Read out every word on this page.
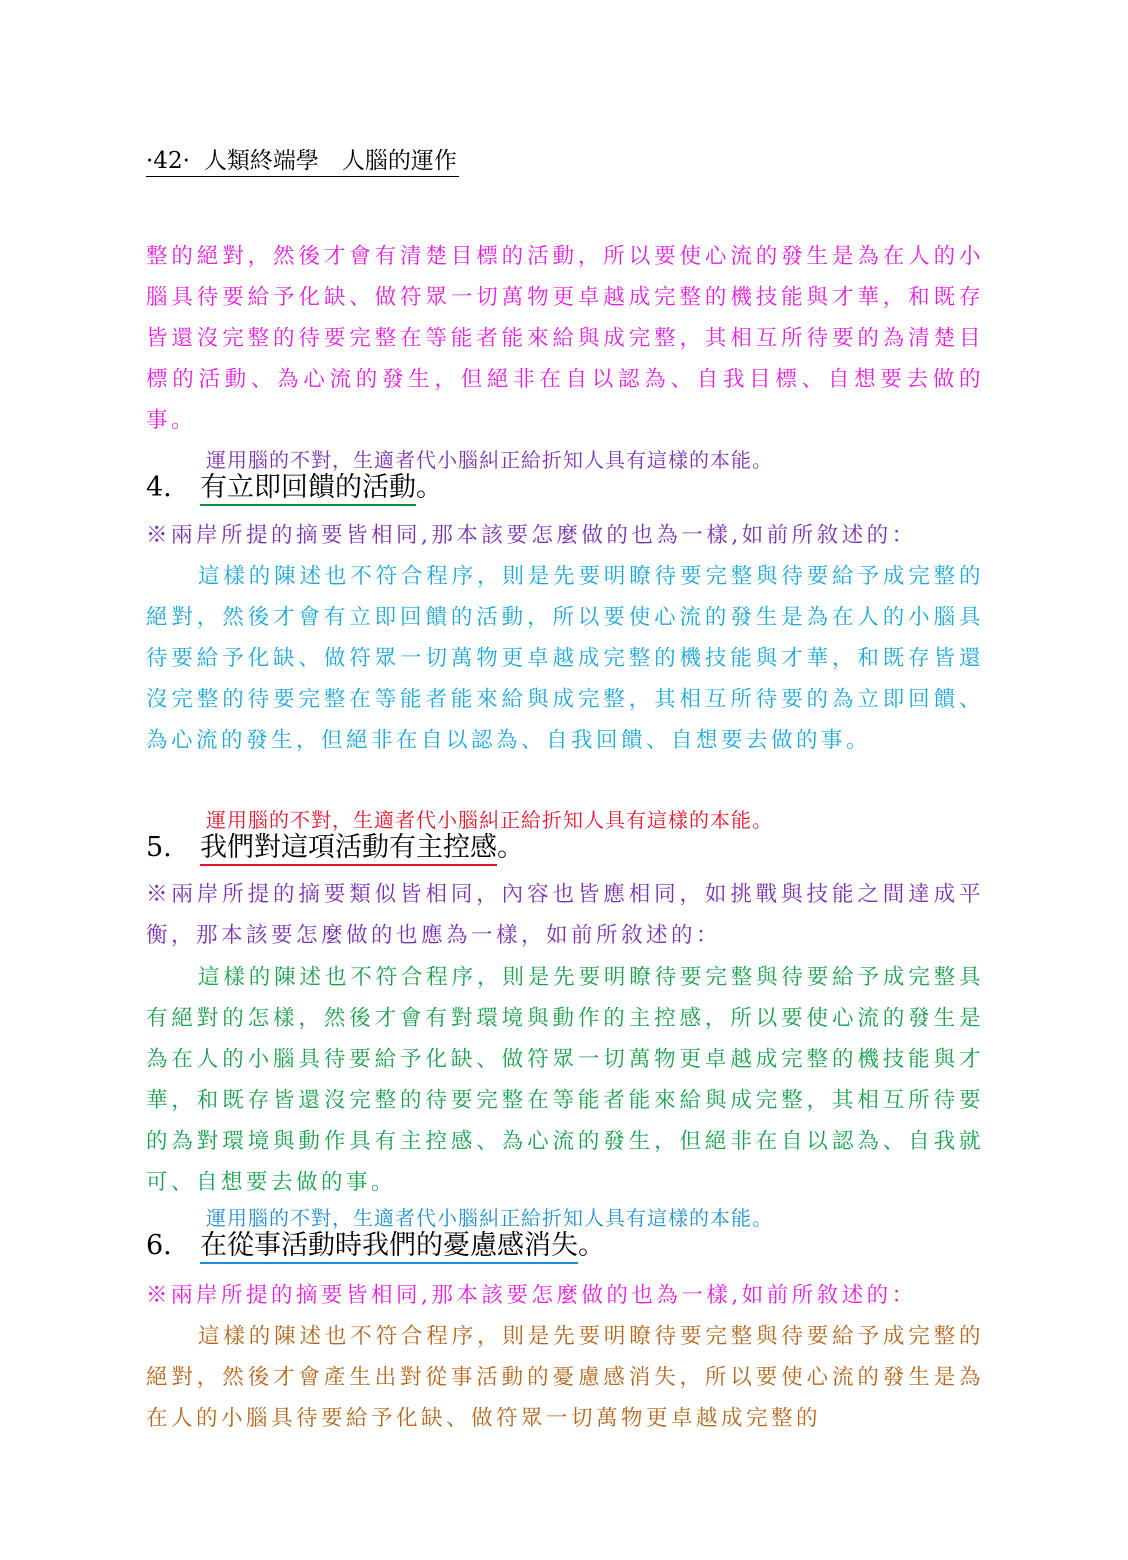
·42· 人類終端學　人腦的運作

整的絕對，然後才會有清楚目標的活動，所以要使心流的發生是為在人的小腦具待要給予化缺、做符眾一切萬物更卓越成完整的機技能與才華，和既存皆還沒完整的待要完整在等能者能來給與成完整，其相互所待要的為清楚目標的活動、為心流的發生，但絕非在自以認為、自我目標、自想要去做的事。

運用腦的不對，生適者代小腦糾正給折知人具有這樣的本能。
4. 有立即回饋的活動。

※兩岸所提的摘要皆相同,那本該要怎麼做的也為一樣,如前所敘述的：

這樣的陳述也不符合程序，則是先要明瞭待要完整與待要給予成完整的絕對，然後才會有立即回饋的活動，所以要使心流的發生是為在人的小腦具待要給予化缺、做符眾一切萬物更卓越成完整的機技能與才華，和既存皆還沒完整的待要完整在等能者能來給與成完整，其相互所待要的為立即回饋、為心流的發生，但絕非在自以認為、自我回饋、自想要去做的事。

運用腦的不對，生適者代小腦糾正給折知人具有這樣的本能。
5. 我們對這項活動有主控感。

※兩岸所提的摘要類似皆相同，內容也皆應相同，如挑戰與技能之間達成平衡，那本該要怎麼做的也應為一樣，如前所敘述的：

這樣的陳述也不符合程序，則是先要明瞭待要完整與待要給予成完整具有絕對的怎樣，然後才會有對環境與動作的主控感，所以要使心流的發生是為在人的小腦具待要給予化缺、做符眾一切萬物更卓越成完整的機技能與才華，和既存皆還沒完整的待要完整在等能者能來給與成完整，其相互所待要的為對環境與動作具有主控感、為心流的發生，但絕非在自以認為、自我就可、自想要去做的事。

運用腦的不對，生適者代小腦糾正給折知人具有這樣的本能。
6. 在從事活動時我們的憂慮感消失。

※兩岸所提的摘要皆相同,那本該要怎麼做的也為一樣,如前所敘述的：

這樣的陳述也不符合程序，則是先要明瞭待要完整與待要給予成完整的絕對，然後才會產生出對從事活動的憂慮感消失，所以要使心流的發生是為在人的小腦具待要給予化缺、做符眾一切萬物更卓越成完整的
